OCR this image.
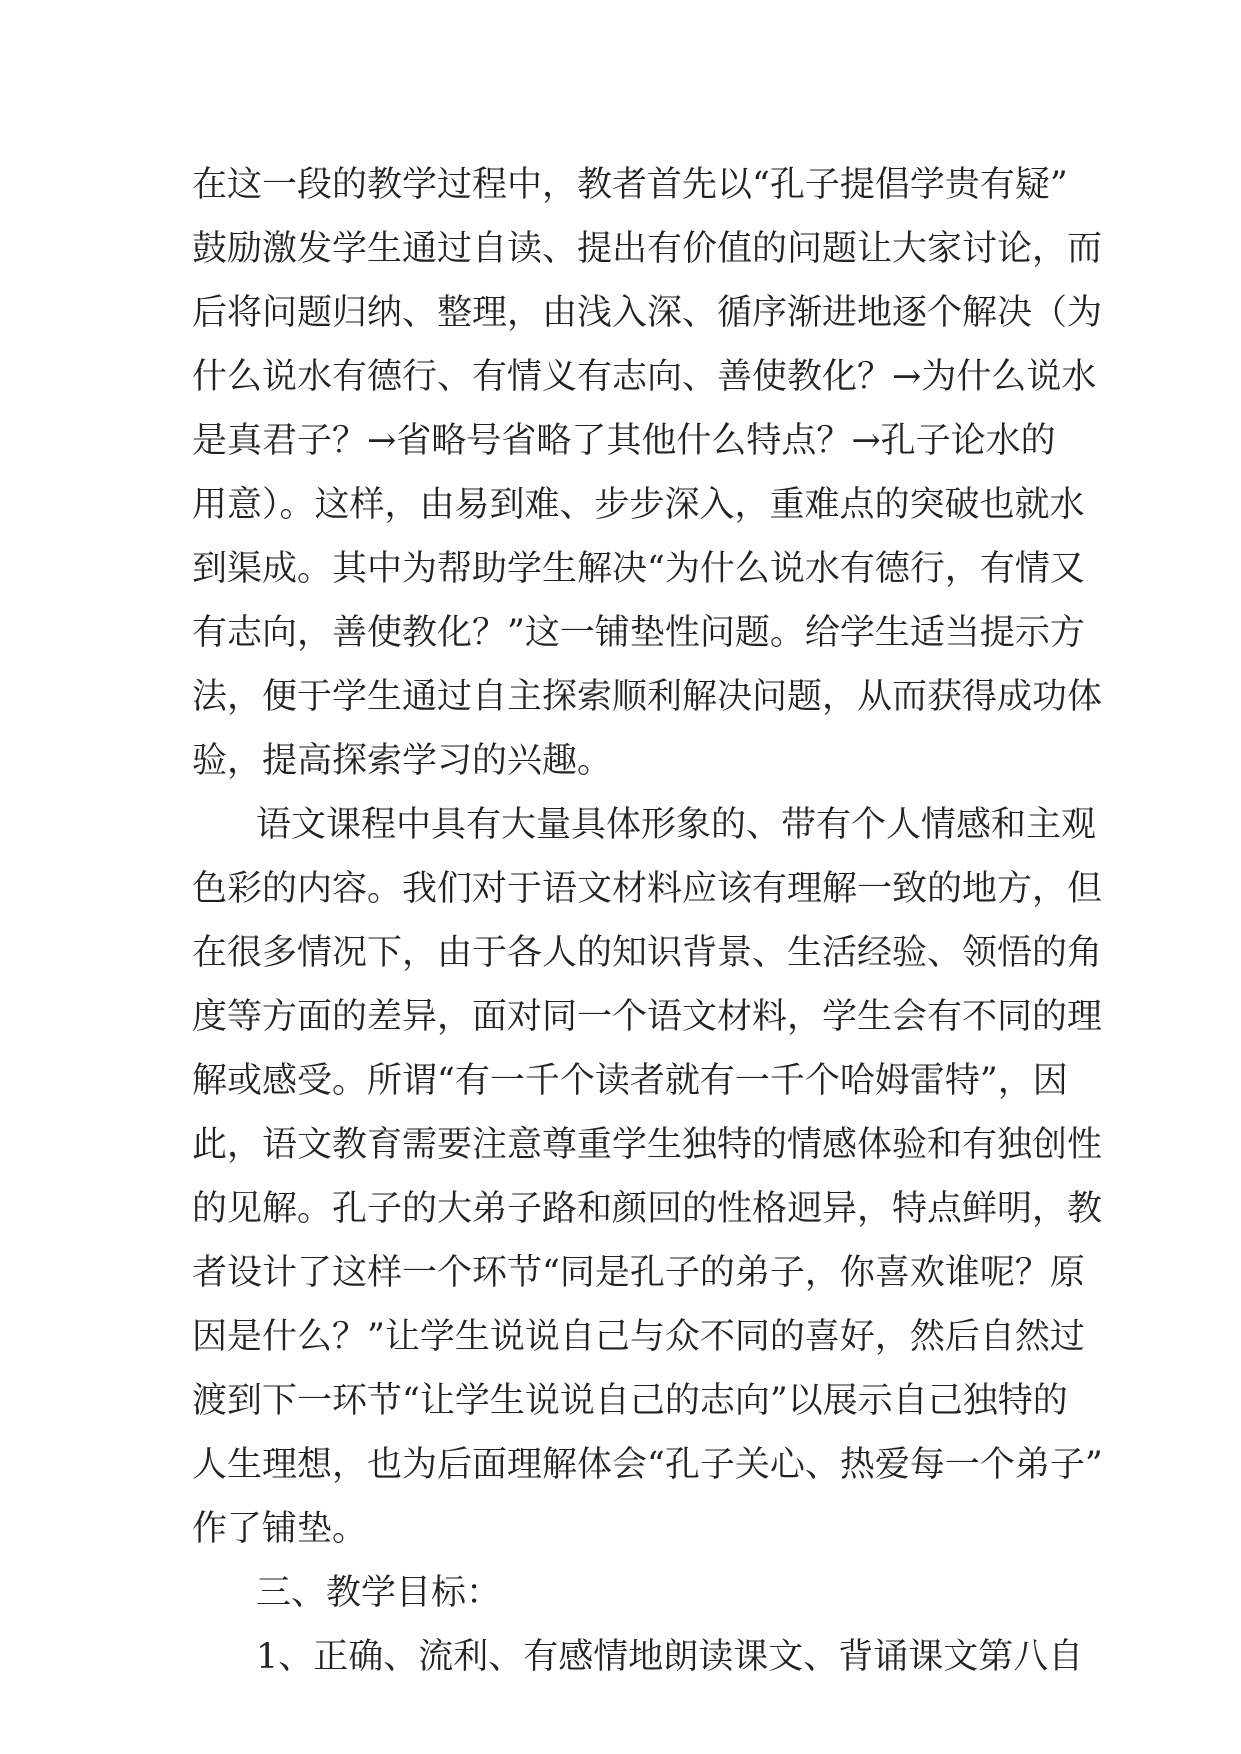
在这一段的教学过程中，教者首先以“孔子提倡学贵有疑”
鼓励激发学生通过自读、提出有价值的问题让大家讨论，而
后将问题归纳、整理，由浅入深、循序渐进地逐个解决（为
什么说水有德行、有情义有志向、善使教化？→为什么说水
是真君子？→省略号省略了其他什么特点？→孔子论水的
用意）。这样，由易到难、步步深入，重难点的突破也就水
到渠成。其中为帮助学生解决“为什么说水有德行，有情又
有志向，善使教化？”这一铺垫性问题。给学生适当提示方
法，便于学生通过自主探索顺利解决问题，从而获得成功体
验，提高探索学习的兴趣。
语文课程中具有大量具体形象的、带有个人情感和主观
色彩的内容。我们对于语文材料应该有理解一致的地方，但
在很多情况下，由于各人的知识背景、生活经验、领悟的角
度等方面的差异，面对同一个语文材料，学生会有不同的理
解或感受。所谓“有一千个读者就有一千个哈姆雷特”，因
此，语文教育需要注意尊重学生独特的情感体验和有独创性
的见解。孔子的大弟子路和颜回的性格迥异，特点鲜明，教
者设计了这样一个环节“同是孔子的弟子，你喜欢谁呢？原
因是什么？”让学生说说自己与众不同的喜好，然后自然过
渡到下一环节“让学生说说自己的志向”以展示自己独特的
人生理想，也为后面理解体会“孔子关心、热爱每一个弟子”
作了铺垫。
三、教学目标：
1、正确、流利、有感情地朗读课文、背诵课文第八自
